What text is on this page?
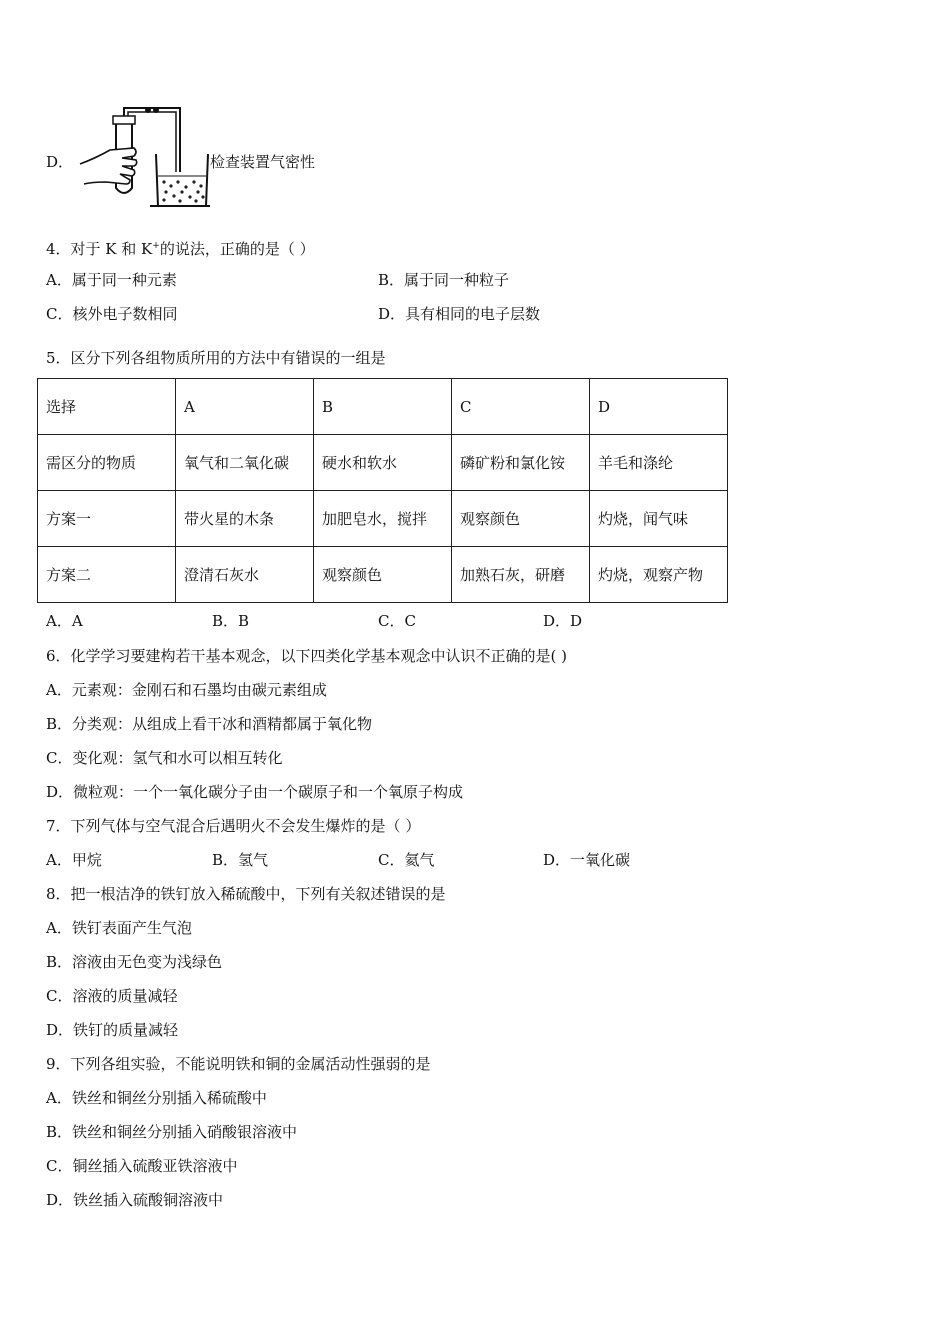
D．	检查装置气密性
4．对于 K 和 K+的说法，正确的是（ ）
A．属于同一种元素	B．属于同一种粒子
C．核外电子数相同	D．具有相同的电子层数
5．区分下列各组物质所用的方法中有错误的一组是
选择	A	B	C	D
需区分的物质	氧气和二氧化碳	硬水和软水	磷矿粉和氯化铵	羊毛和涤纶
方案一	带火星的木条	加肥皂水，搅拌	观察颜色	灼烧，闻气味
方案二	澄清石灰水	观察颜色	加熟石灰，研磨	灼烧，观察产物
A．A	B．B	C．C	D．D
6．化学学习要建构若干基本观念，以下四类化学基本观念中认识不正确的是( )
A．元素观：金刚石和石墨均由碳元素组成
B．分类观：从组成上看干冰和酒精都属于氧化物
C．变化观：氢气和水可以相互转化
D．微粒观：一个一氧化碳分子由一个碳原子和一个氧原子构成
7．下列气体与空气混合后遇明火不会发生爆炸的是（ ）
A．甲烷	B．氢气	C．氦气	D．一氧化碳
8．把一根洁净的铁钉放入稀硫酸中，下列有关叙述错误的是
A．铁钉表面产生气泡
B．溶液由无色变为浅绿色
C．溶液的质量减轻
D．铁钉的质量减轻
9．下列各组实验，不能说明铁和铜的金属活动性强弱的是
A．铁丝和铜丝分别插入稀硫酸中
B．铁丝和铜丝分别插入硝酸银溶液中
C．铜丝插入硫酸亚铁溶液中
D．铁丝插入硫酸铜溶液中
